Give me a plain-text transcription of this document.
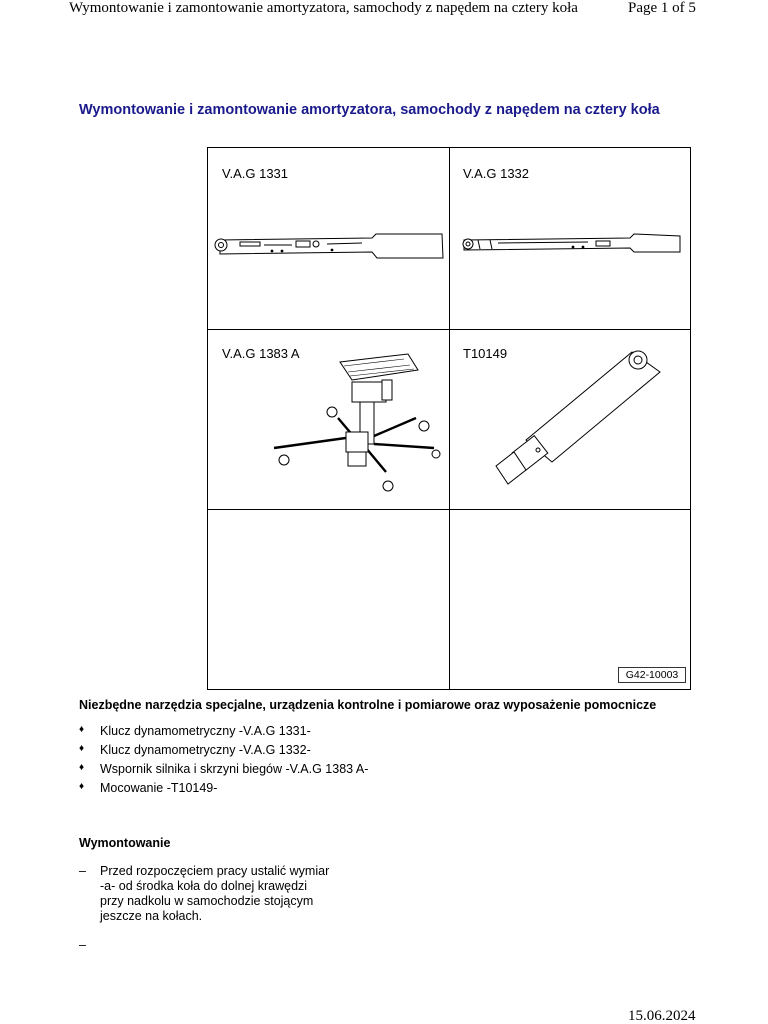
Wymontowanie i zamontowanie amortyzatora, samochody z napędem na cztery koła	Page 1 of 5
Wymontowanie i zamontowanie amortyzatora, samochody z napędem na cztery koła
V.A.G 1331	V.A.G 1332
V.A.G 1383 A	T10149
G42-10003
Niezbędne narzędzia specjalne, urządzenia kontrolne i pomiarowe oraz wyposażenie pomocnicze
♦ Klucz dynamometryczny -V.A.G 1331-
♦ Klucz dynamometryczny -V.A.G 1332-
♦ Wspornik silnika i skrzyni biegów -V.A.G 1383 A-
♦ Mocowanie -T10149-
Wymontowanie
– Przed rozpoczęciem pracy ustalić wymiar -a- od środka koła do dolnej krawędzi przy nadkolu w samochodzie stojącym jeszcze na kołach.
–
15.06.2024
